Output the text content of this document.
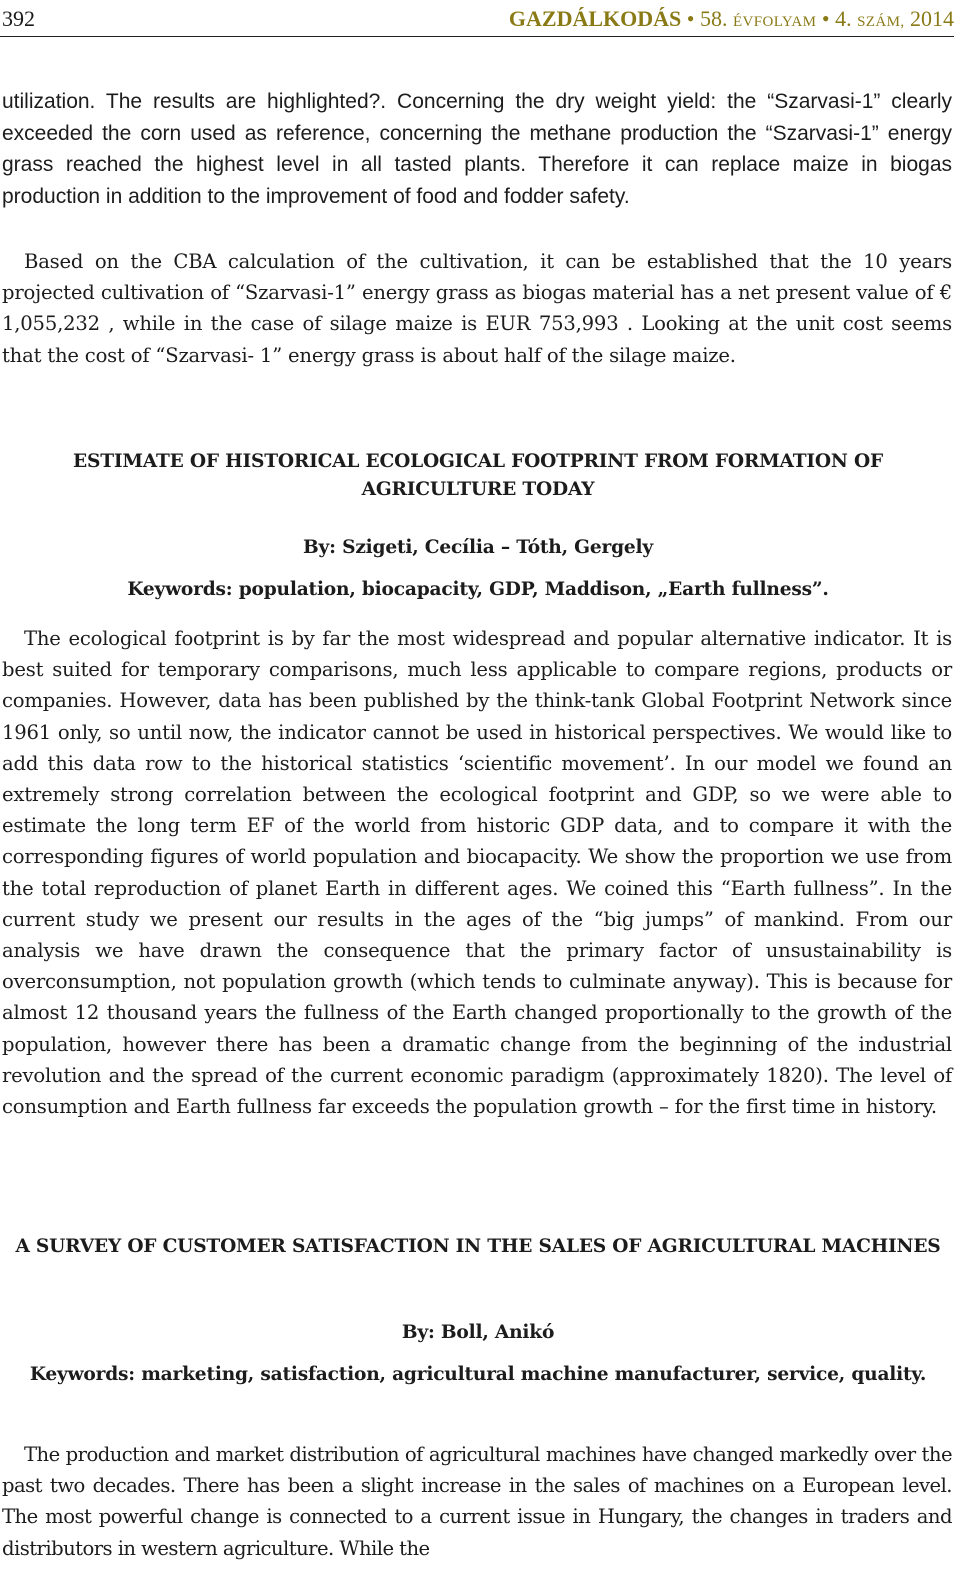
392	GAZDÁLKODÁS • 58. ÉVFOLYAM • 4. SZÁM, 2014

utilization. The results are highlighted?. Concerning the dry weight yield: the “Szarvasi-1” clearly exceeded the corn used as reference, concerning the methane production the “Szarvasi-1” energy grass reached the highest level in all tasted plants. Therefore it can replace maize in biogas production in addition to the improvement of food and fodder safety.

Based on the CBA calculation of the cultivation, it can be established that the 10 years projected cultivation of “Szarvasi-1” energy grass as biogas material has a net present value of € 1,055,232 , while in the case of silage maize is EUR 753,993 . Looking at the unit cost seems that the cost of “Szarvasi- 1” energy grass is about half of the silage maize.

ESTIMATE OF HISTORICAL ECOLOGICAL FOOTPRINT FROM FORMATION OF AGRICULTURE TODAY

By: Szigeti, Cecília – Tóth, Gergely

Keywords: population, biocapacity, GDP, Maddison, „Earth fullness”.

The ecological footprint is by far the most widespread and popular alternative indicator. It is best suited for temporary comparisons, much less applicable to compare regions, products or companies. However, data has been published by the think-tank Global Footprint Network since 1961 only, so until now, the indicator cannot be used in historical perspectives. We would like to add this data row to the historical statistics ‘scientific movement’. In our model we found an extremely strong correlation between the ecological footprint and GDP, so we were able to estimate the long term EF of the world from historic GDP data, and to compare it with the corresponding figures of world population and biocapacity. We show the proportion we use from the total reproduction of planet Earth in different ages. We coined this “Earth fullness”. In the current study we present our results in the ages of the “big jumps” of mankind. From our analysis we have drawn the consequence that the primary factor of unsustainability is overconsumption, not population growth (which tends to culminate anyway). This is because for almost 12 thousand years the fullness of the Earth changed proportionally to the growth of the population, however there has been a dramatic change from the beginning of the industrial revolution and the spread of the current economic paradigm (approximately 1820). The level of consumption and Earth fullness far exceeds the population growth – for the first time in history.

A SURVEY OF CUSTOMER SATISFACTION IN THE SALES OF AGRICULTURAL MACHINES

By: Boll, Anikó

Keywords: marketing, satisfaction, agricultural machine manufacturer, service, quality.

The production and market distribution of agricultural machines have changed markedly over the past two decades. There has been a slight increase in the sales of machines on a European level. The most powerful change is connected to a current issue in Hungary, the changes in traders and distributors in western agriculture. While the
